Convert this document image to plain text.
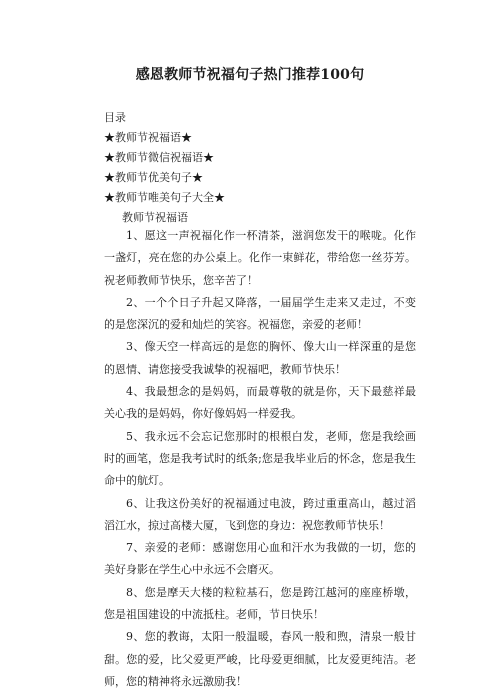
感恩教师节祝福句子热门推荐100句
目录
★教师节祝福语★
★教师节微信祝福语★
★教师节优美句子★
★教师节唯美句子大全★
教师节祝福语

1、愿这一声祝福化作一杯清茶，滋润您发干的喉咙。化作一盏灯，亮在您的办公桌上。化作一束鲜花，带给您一丝芬芳。祝老师教师节快乐，您辛苦了！

2、一个个日子升起又降落，一届届学生走来又走过，不变的是您深沉的爱和灿烂的笑容。祝福您，亲爱的老师！

3、像天空一样高远的是您的胸怀、像大山一样深重的是您的恩情、请您接受我诚挚的祝福吧，教师节快乐！

4、我最想念的是妈妈，而最尊敬的就是你，天下最慈祥最关心我的是妈妈，你好像妈妈一样爱我。

5、我永远不会忘记您那时的根根白发，老师，您是我绘画时的画笔，您是我考试时的纸条;您是我毕业后的怀念，您是我生命中的航灯。

6、让我这份美好的祝福通过电波，跨过重重高山，越过滔滔江水，掠过高楼大厦，飞到您的身边：祝您教师节快乐！

7、亲爱的老师：感谢您用心血和汗水为我做的一切，您的美好身影在学生心中永远不会磨灭。

8、您是摩天大楼的粒粒基石，您是跨江越河的座座桥墩，您是祖国建设的中流抵柱。老师，节日快乐！

9、您的教诲，太阳一般温暖，春风一般和煦，清泉一般甘甜。您的爱，比父爱更严峻，比母爱更细腻，比友爱更纯洁。老师，您的精神将永远激励我！
